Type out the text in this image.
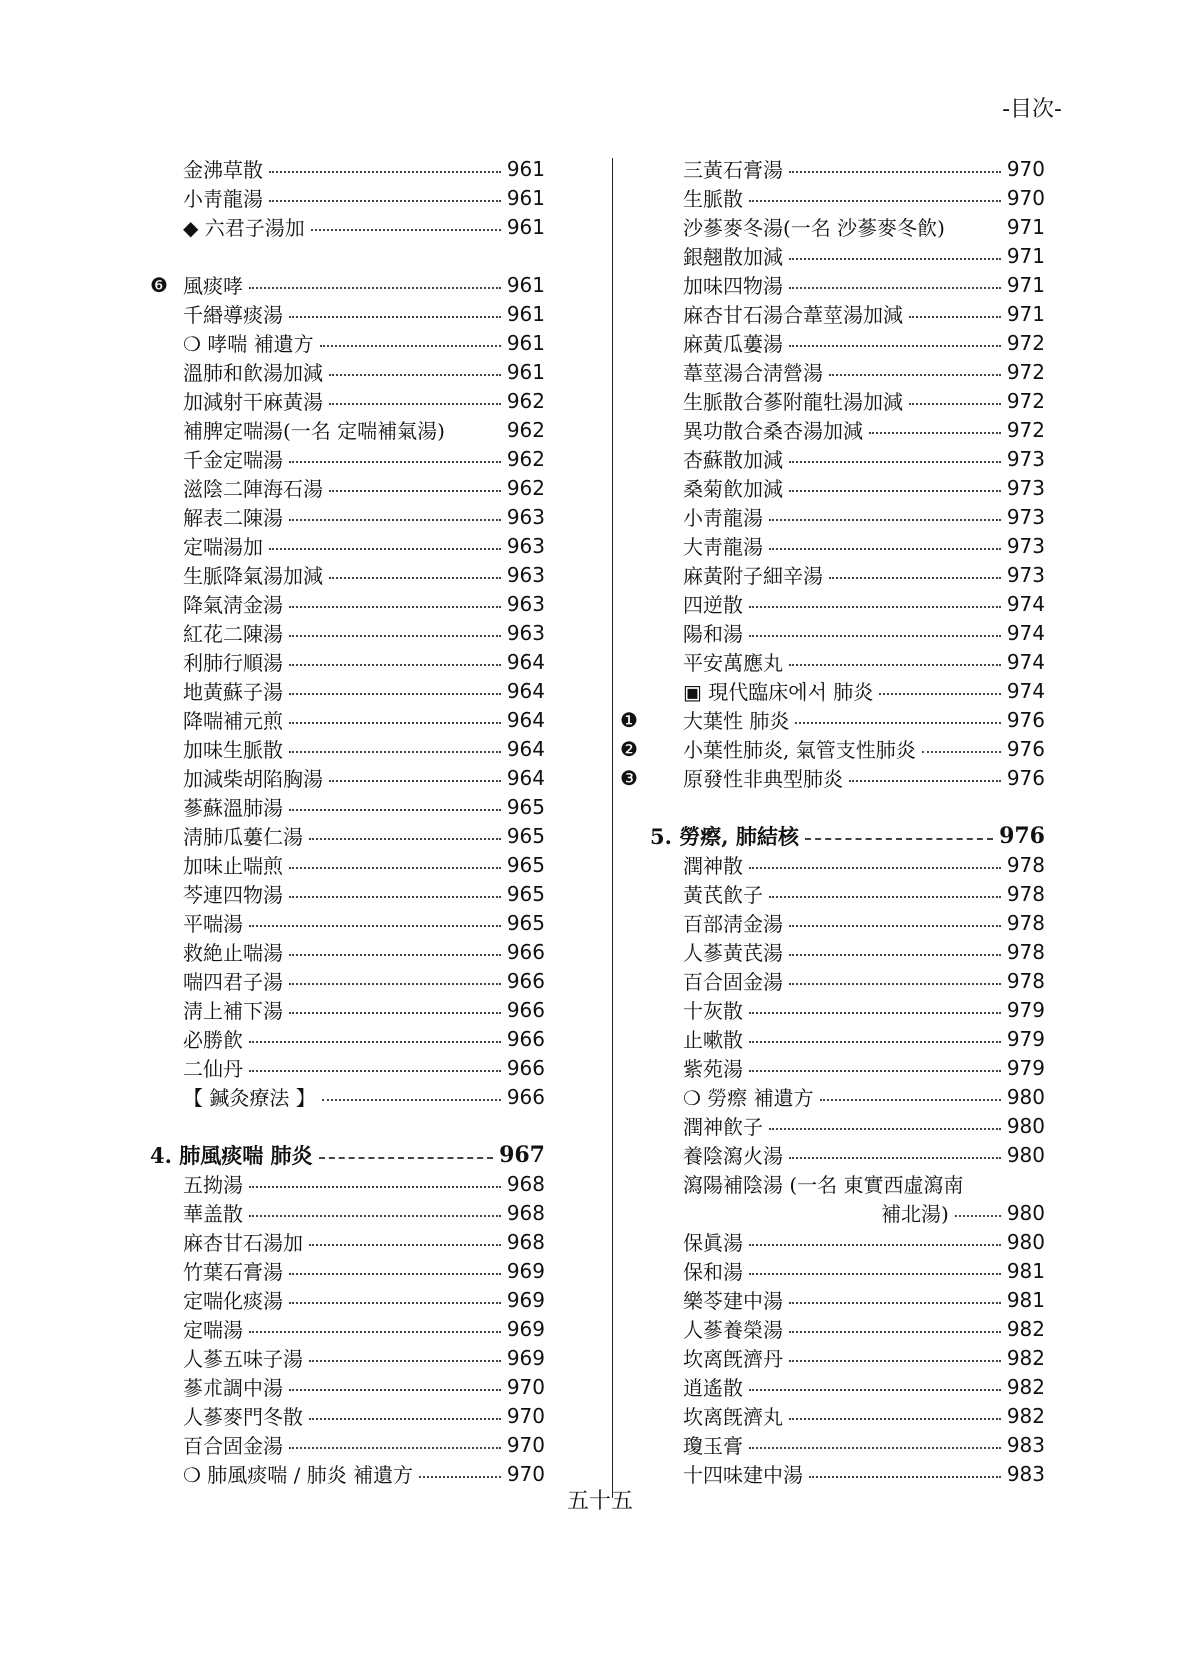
-目次-
金沸草散	961
小靑龍湯	961
◆ 六君子湯加	961
❻ 風痰哮	961
千緡導痰湯	961
❍ 哮喘 補遺方	961
溫肺和飮湯加減	961
加減射干麻黃湯	962
補脾定喘湯(一名 定喘補氣湯)	962
千金定喘湯	962
滋陰二陣海石湯	962
解表二陳湯	963
定喘湯加	963
生脈降氣湯加減	963
降氣淸金湯	963
紅花二陳湯	963
利肺行順湯	964
地黃蘇子湯	964
降喘補元煎	964
加味生脈散	964
加減柴胡陷胸湯	964
蔘蘇溫肺湯	965
淸肺瓜蔞仁湯	965
加味止喘煎	965
芩連四物湯	965
平喘湯	965
救絶止喘湯	966
喘四君子湯	966
淸上補下湯	966
必勝飮	966
二仙丹	966
【 鍼灸療法 】	966
4. 肺風痰喘 肺炎	967
五拗湯	968
華盖散	968
麻杏甘石湯加	968
竹葉石膏湯	969
定喘化痰湯	969
定喘湯	969
人蔘五味子湯	969
蔘朮調中湯	970
人蔘麥門冬散	970
百合固金湯	970
❍ 肺風痰喘 / 肺炎 補遺方	970
三黃石膏湯	970
生脈散	970
沙蔘麥冬湯(一名 沙蔘麥冬飮)	971
銀翹散加減	971
加味四物湯	971
麻杏甘石湯合葦莖湯加減	971
麻黃瓜蔞湯	972
葦莖湯合淸營湯	972
生脈散合蔘附龍牡湯加減	972
異功散合桑杏湯加減	972
杏蘇散加減	973
桑菊飮加減	973
小靑龍湯	973
大靑龍湯	973
麻黃附子細辛湯	973
四逆散	974
陽和湯	974
平安萬應丸	974
▣ 現代臨床에서 肺炎	974
❶ 大葉性 肺炎	976
❷ 小葉性肺炎, 氣管支性肺炎	976
❸ 原發性非典型肺炎	976
5. 勞瘵, 肺結核	976
潤神散	978
黃芪飮子	978
百部淸金湯	978
人蔘黃芪湯	978
百合固金湯	978
十灰散	979
止嗽散	979
紫苑湯	979
❍ 勞瘵 補遺方	980
潤神飮子	980
養陰瀉火湯	980
瀉陽補陰湯 (一名 東實西虛瀉南
補北湯)	980
保眞湯	980
保和湯	981
樂苓建中湯	981
人蔘養榮湯	982
坎离旣濟丹	982
逍遙散	982
坎离旣濟丸	982
瓊玉膏	983
十四味建中湯	983
五十五
